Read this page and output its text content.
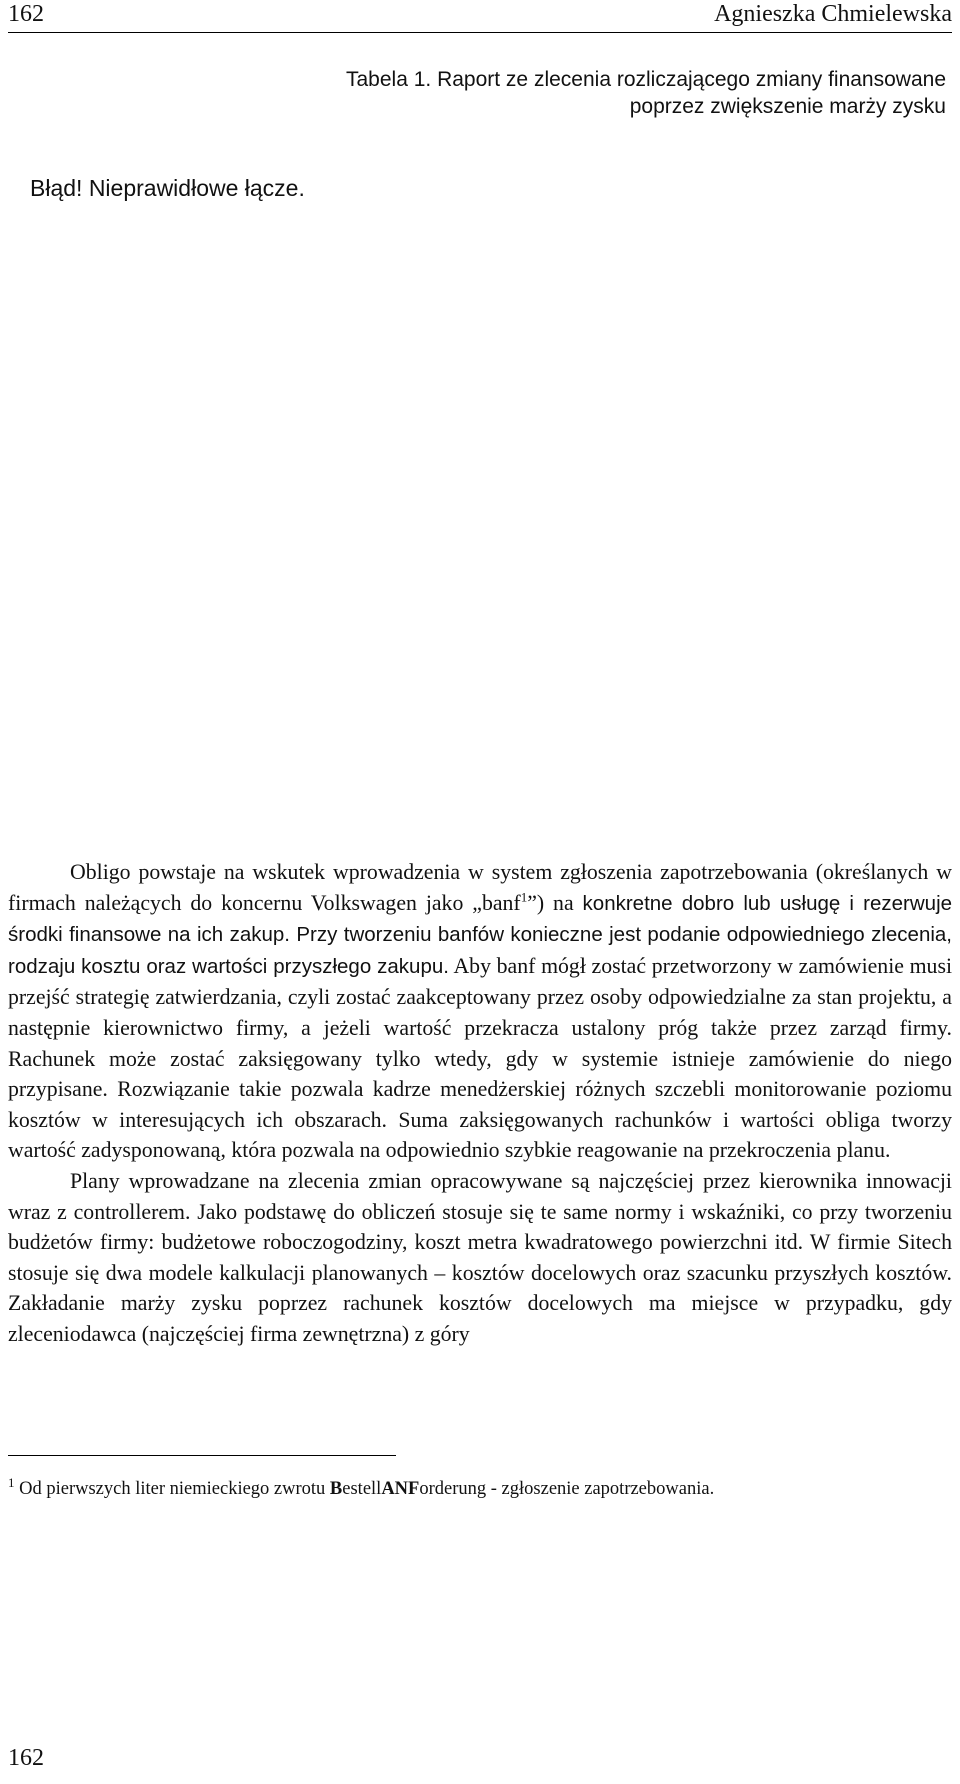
162	Agnieszka Chmielewska
Tabela 1. Raport ze zlecenia rozliczającego zmiany finansowane
poprzez zwiększenie marży zysku
Błąd! Nieprawidłowe łącze.

Obligo powstaje na wskutek wprowadzenia w system zgłoszenia zapotrzebowania (określanych w firmach należących do koncernu Volkswagen jako „banf$^1$”) na konkretne dobro lub usługę i rezerwuje środki finansowe na ich zakup. Przy tworzeniu banfów konieczne jest podanie odpowiedniego zlecenia, rodzaju kosztu oraz wartości przyszłego zakupu. Aby banf mógł zostać przetworzony w zamówienie musi przejść strategię zatwierdzania, czyli zostać zaakceptowany przez osoby odpowiedzialne za stan projektu, a następnie kierownictwo firmy, a jeżeli wartość przekracza ustalony próg także przez zarząd firmy. Rachunek może zostać zaksięgowany tylko wtedy, gdy w systemie istnieje zamówienie do niego przypisane. Rozwiązanie takie pozwala kadrze menedżerskiej różnych szczebli monitorowanie poziomu kosztów w interesujących ich obszarach. Suma zaksięgowanych rachunków i wartości obliga tworzy wartość zadysponowaną, która pozwala na odpowiednio szybkie reagowanie na przekroczenia planu.

Plany wprowadzane na zlecenia zmian opracowywane są najczęściej przez kierownika innowacji wraz z controllerem. Jako podstawę do obliczeń stosuje się te same normy i wskaźniki, co przy tworzeniu budżetów firmy: budżetowe roboczogodziny, koszt metra kwadratowego powierzchni itd. W firmie Sitech stosuje się dwa modele kalkulacji planowanych – kosztów docelowych oraz szacunku przyszłych kosztów. Zakładanie marży zysku poprzez rachunek kosztów docelowych ma miejsce w przypadku, gdy zleceniodawca (najczęściej firma zewnętrzna) z góry

$^1$ Od pierwszych liter niemieckiego zwrotu BestellANForderung - zgłoszenie zapotrzebowania.
162
